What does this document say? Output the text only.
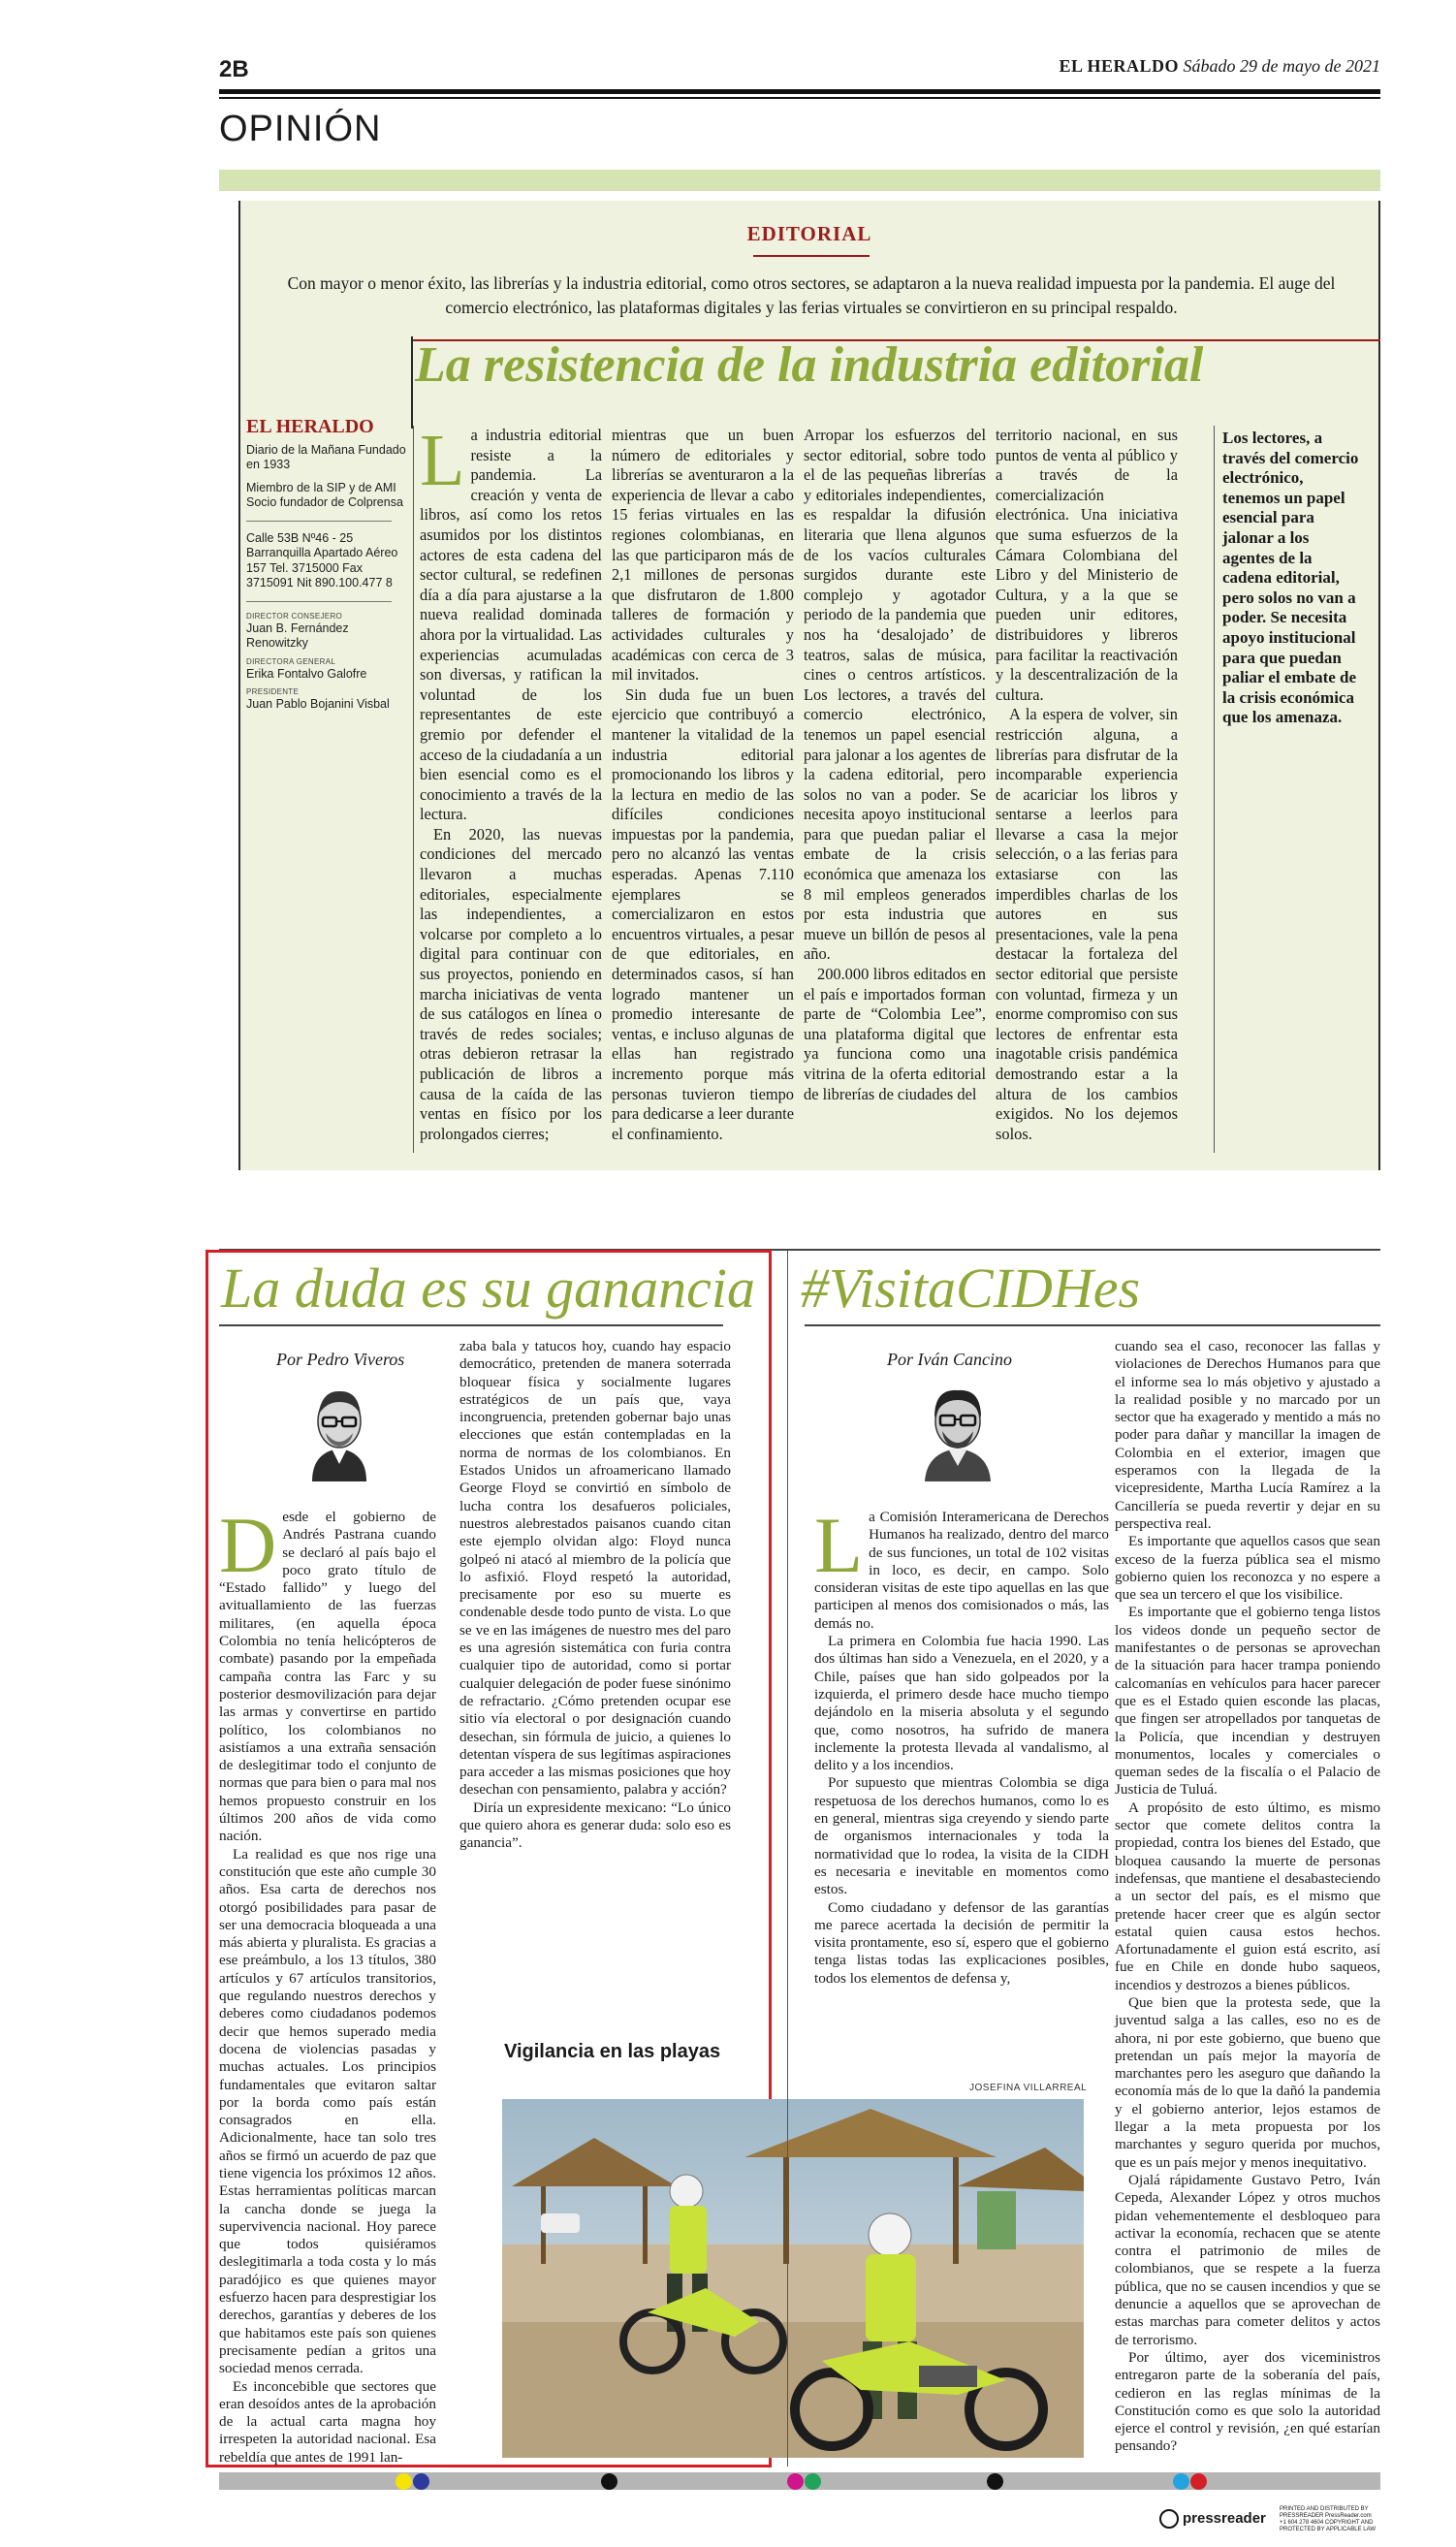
2B	EL HERALDO Sábado 29 de mayo de 2021
OPINIÓN
EDITORIAL
Con mayor o menor éxito, las librerías y la industria editorial, como otros sectores, se adaptaron a la nueva realidad impuesta por la pandemia. El auge del comercio electrónico, las plataformas digitales y las ferias virtuales se convirtieron en su principal respaldo.
La resistencia de la industria editorial
EL HERALDO
Diario de la Mañana Fundado en 1933
Miembro de la SIP y de AMI Socio fundador de Colprensa
Calle 53B Nº46 - 25 Barranquilla Apartado Aéreo 157 Tel. 3715000 Fax 3715091 Nit 890.100.477 8
DIRECTOR CONSEJERO
Juan B. Fernández Renowitzky
DIRECTORA GENERAL
Erika Fontalvo Galofre
PRESIDENTE
Juan Pablo Bojanini Visbal

La industria editorial resiste a la pandemia. La creación y venta de libros, así como los retos asumidos por los distintos actores de esta cadena del sector cultural, se redefinen día a día para ajustarse a la nueva realidad dominada ahora por la virtualidad. Las experiencias acumuladas son diversas, y ratifican la voluntad de los representantes de este gremio por defender el acceso de la ciudadanía a un bien esencial como es el conocimiento a través de la lectura.

En 2020, las nuevas condiciones del mercado llevaron a muchas editoriales, especialmente las independientes, a volcarse por completo a lo digital para continuar con sus proyectos, poniendo en marcha iniciativas de venta de sus catálogos en línea o través de redes sociales; otras debieron retrasar la publicación de libros a causa de la caída de las ventas en físico por los prolongados cierres;

mientras que un buen número de editoriales y librerías se aventuraron a la experiencia de llevar a cabo 15 ferias virtuales en las regiones colombianas, en las que participaron más de 2,1 millones de personas que disfrutaron de 1.800 talleres de formación y actividades culturales y académicas con cerca de 3 mil invitados.

Sin duda fue un buen ejercicio que contribuyó a mantener la vitalidad de la industria editorial promocionando los libros y la lectura en medio de las difíciles condiciones impuestas por la pandemia, pero no alcanzó las ventas esperadas. Apenas 7.110 ejemplares se comercializaron en estos encuentros virtuales, a pesar de que editoriales, en determinados casos, sí han logrado mantener un promedio interesante de ventas, e incluso algunas de ellas han registrado incremento porque más personas tuvieron tiempo para dedicarse a leer durante el confinamiento.

Arropar los esfuerzos del sector editorial, sobre todo el de las pequeñas librerías y editoriales independientes, es respaldar la difusión literaria que llena algunos de los vacíos culturales surgidos durante este complejo y agotador periodo de la pandemia que nos ha ‘desalojado’ de teatros, salas de música, cines o centros artísticos. Los lectores, a través del comercio electrónico, tenemos un papel esencial para jalonar a los agentes de la cadena editorial, pero solos no van a poder. Se necesita apoyo institucional para que puedan paliar el embate de la crisis económica que amenaza los 8 mil empleos generados por esta industria que mueve un billón de pesos al año.

200.000 libros editados en el país e importados forman parte de “Colombia Lee”, una plataforma digital que ya funciona como una vitrina de la oferta editorial de librerías de ciudades del

territorio nacional, en sus puntos de venta al público y a través de la comercialización electrónica. Una iniciativa que suma esfuerzos de la Cámara Colombiana del Libro y del Ministerio de Cultura, y a la que se pueden unir editores, distribuidores y libreros para facilitar la reactivación y la descentralización de la cultura.

A la espera de volver, sin restricción alguna, a librerías para disfrutar de la incomparable experiencia de acariciar los libros y sentarse a leerlos para llevarse a casa la mejor selección, o a las ferias para extasiarse con las imperdibles charlas de los autores en sus presentaciones, vale la pena destacar la fortaleza del sector editorial que persiste con voluntad, firmeza y un enorme compromiso con sus lectores de enfrentar esta inagotable crisis pandémica demostrando estar a la altura de los cambios exigidos. No los dejemos solos.

Los lectores, a través del comercio electrónico, tenemos un papel esencial para jalonar a los agentes de la cadena editorial, pero solos no van a poder. Se necesita apoyo institucional para que puedan paliar el embate de la crisis económica que los amenaza.
La duda es su ganancia
Por Pedro Viveros

Desde el gobierno de Andrés Pastrana cuando se declaró al país bajo el poco grato título de “Estado fallido” y luego del avituallamiento de las fuerzas militares, (en aquella época Colombia no tenía helicópteros de combate) pasando por la empeñada campaña contra las Farc y su posterior desmovilización para dejar las armas y convertirse en partido político, los colombianos no asistíamos a una extraña sensación de deslegitimar todo el conjunto de normas que para bien o para mal nos hemos propuesto construir en los últimos 200 años de vida como nación.

La realidad es que nos rige una constitución que este año cumple 30 años. Esa carta de derechos nos otorgó posibilidades para pasar de ser una democracia bloqueada a una más abierta y pluralista. Es gracias a ese preámbulo, a los 13 títulos, 380 artículos y 67 artículos transitorios, que regulando nuestros derechos y deberes como ciudadanos podemos decir que hemos superado media docena de violencias pasadas y muchas actuales. Los principios fundamentales que evitaron saltar por la borda como país están consagrados en ella. Adicionalmente, hace tan solo tres años se firmó un acuerdo de paz que tiene vigencia los próximos 12 años. Estas herramientas políticas marcan la cancha donde se juega la supervivencia nacional. Hoy parece que todos quisiéramos deslegitimarla a toda costa y lo más paradójico es que quienes mayor esfuerzo hacen para desprestigiar los derechos, garantías y deberes de los que habitamos este país son quienes precisamente pedían a gritos una sociedad menos cerrada.

Es inconcebible que sectores que eran desoídos antes de la aprobación de la actual carta magna hoy irrespeten la autoridad nacional. Esa rebeldía que antes de 1991 lan-

zaba bala y tatucos hoy, cuando hay espacio democrático, pretenden de manera soterrada bloquear física y socialmente lugares estratégicos de un país que, vaya incongruencia, pretenden gobernar bajo unas elecciones que están contempladas en la norma de normas de los colombianos. En Estados Unidos un afroamericano llamado George Floyd se convirtió en símbolo de lucha contra los desafueros policiales, nuestros alebrestados paisanos cuando citan este ejemplo olvidan algo: Floyd nunca golpeó ni atacó al miembro de la policía que lo asfixió. Floyd respetó la autoridad, precisamente por eso su muerte es condenable desde todo punto de vista. Lo que se ve en las imágenes de nuestro mes del paro es una agresión sistemática con furia contra cualquier tipo de autoridad, como si portar cualquier delegación de poder fuese sinónimo de refractario. ¿Cómo pretenden ocupar ese sitio vía electoral o por designación cuando desechan, sin fórmula de juicio, a quienes lo detentan víspera de sus legítimas aspiraciones para acceder a las mismas posiciones que hoy desechan con pensamiento, palabra y acción?

Diría un expresidente mexicano: “Lo único que quiero ahora es generar duda: solo eso es ganancia”.

Vigilancia en las playas
JOSEFINA VILLARREAL
#VisitaCIDHes
Por Iván Cancino

La Comisión Interamericana de Derechos Humanos ha realizado, dentro del marco de sus funciones, un total de 102 visitas in loco, es decir, en campo. Solo consideran visitas de este tipo aquellas en las que participen al menos dos comisionados o más, las demás no.

La primera en Colombia fue hacia 1990. Las dos últimas han sido a Venezuela, en el 2020, y a Chile, países que han sido golpeados por la izquierda, el primero desde hace mucho tiempo dejándolo en la miseria absoluta y el segundo que, como nosotros, ha sufrido de manera inclemente la protesta llevada al vandalismo, al delito y a los incendios.

Por supuesto que mientras Colombia se diga respetuosa de los derechos humanos, como lo es en general, mientras siga creyendo y siendo parte de organismos internacionales y toda la normatividad que lo rodea, la visita de la CIDH es necesaria e inevitable en momentos como estos.

Como ciudadano y defensor de las garantías me parece acertada la decisión de permitir la visita prontamente, eso sí, espero que el gobierno tenga listas todas las explicaciones posibles, todos los elementos de defensa y,

cuando sea el caso, reconocer las fallas y violaciones de Derechos Humanos para que el informe sea lo más objetivo y ajustado a la realidad posible y no marcado por un sector que ha exagerado y mentido a más no poder para dañar y mancillar la imagen de Colombia en el exterior, imagen que esperamos con la llegada de la vicepresidente, Martha Lucía Ramírez a la Cancillería se pueda revertir y dejar en su perspectiva real.

Es importante que aquellos casos que sean exceso de la fuerza pública sea el mismo gobierno quien los reconozca y no espere a que sea un tercero el que los visibilice.

Es importante que el gobierno tenga listos los videos donde un pequeño sector de manifestantes o de personas se aprovechan de la situación para hacer trampa poniendo calcomanías en vehículos para hacer parecer que es el Estado quien esconde las placas, que fingen ser atropellados por tanquetas de la Policía, que incendian y destruyen monumentos, locales y comerciales o queman sedes de la fiscalía o el Palacio de Justicia de Tuluá.

A propósito de esto último, es mismo sector que comete delitos contra la propiedad, contra los bienes del Estado, que bloquea causando la muerte de personas indefensas, que mantiene el desabasteciendo a un sector del país, es el mismo que pretende hacer creer que es algún sector estatal quien causa estos hechos. Afortunadamente el guion está escrito, así fue en Chile en donde hubo saqueos, incendios y destrozos a bienes públicos.

Que bien que la protesta sede, que la juventud salga a las calles, eso no es de ahora, ni por este gobierno, que bueno que pretendan un país mejor la mayoría de marchantes pero les aseguro que dañando la economía más de lo que la dañó la pandemia y el gobierno anterior, lejos estamos de llegar a la meta propuesta por los marchantes y seguro querida por muchos, que es un país mejor y menos inequitativo.

Ojalá rápidamente Gustavo Petro, Iván Cepeda, Alexander López y otros muchos pidan vehementemente el desbloqueo para activar la economía, rechacen que se atente contra el patrimonio de miles de colombianos, que se respete a la fuerza pública, que no se causen incendios y que se denuncie a aquellos que se aprovechan de estas marchas para cometer delitos y actos de terrorismo.

Por último, ayer dos viceministros entregaron parte de la soberanía del país, cedieron en las reglas mínimas de la Constitución como es que solo la autoridad ejerce el control y revisión, ¿en qué estarían pensando?

pressreader
PRINTED AND DISTRIBUTED BY PRESSREADER PressReader.com +1 604 278 4604 COPYRIGHT AND PROTECTED BY APPLICABLE LAW
